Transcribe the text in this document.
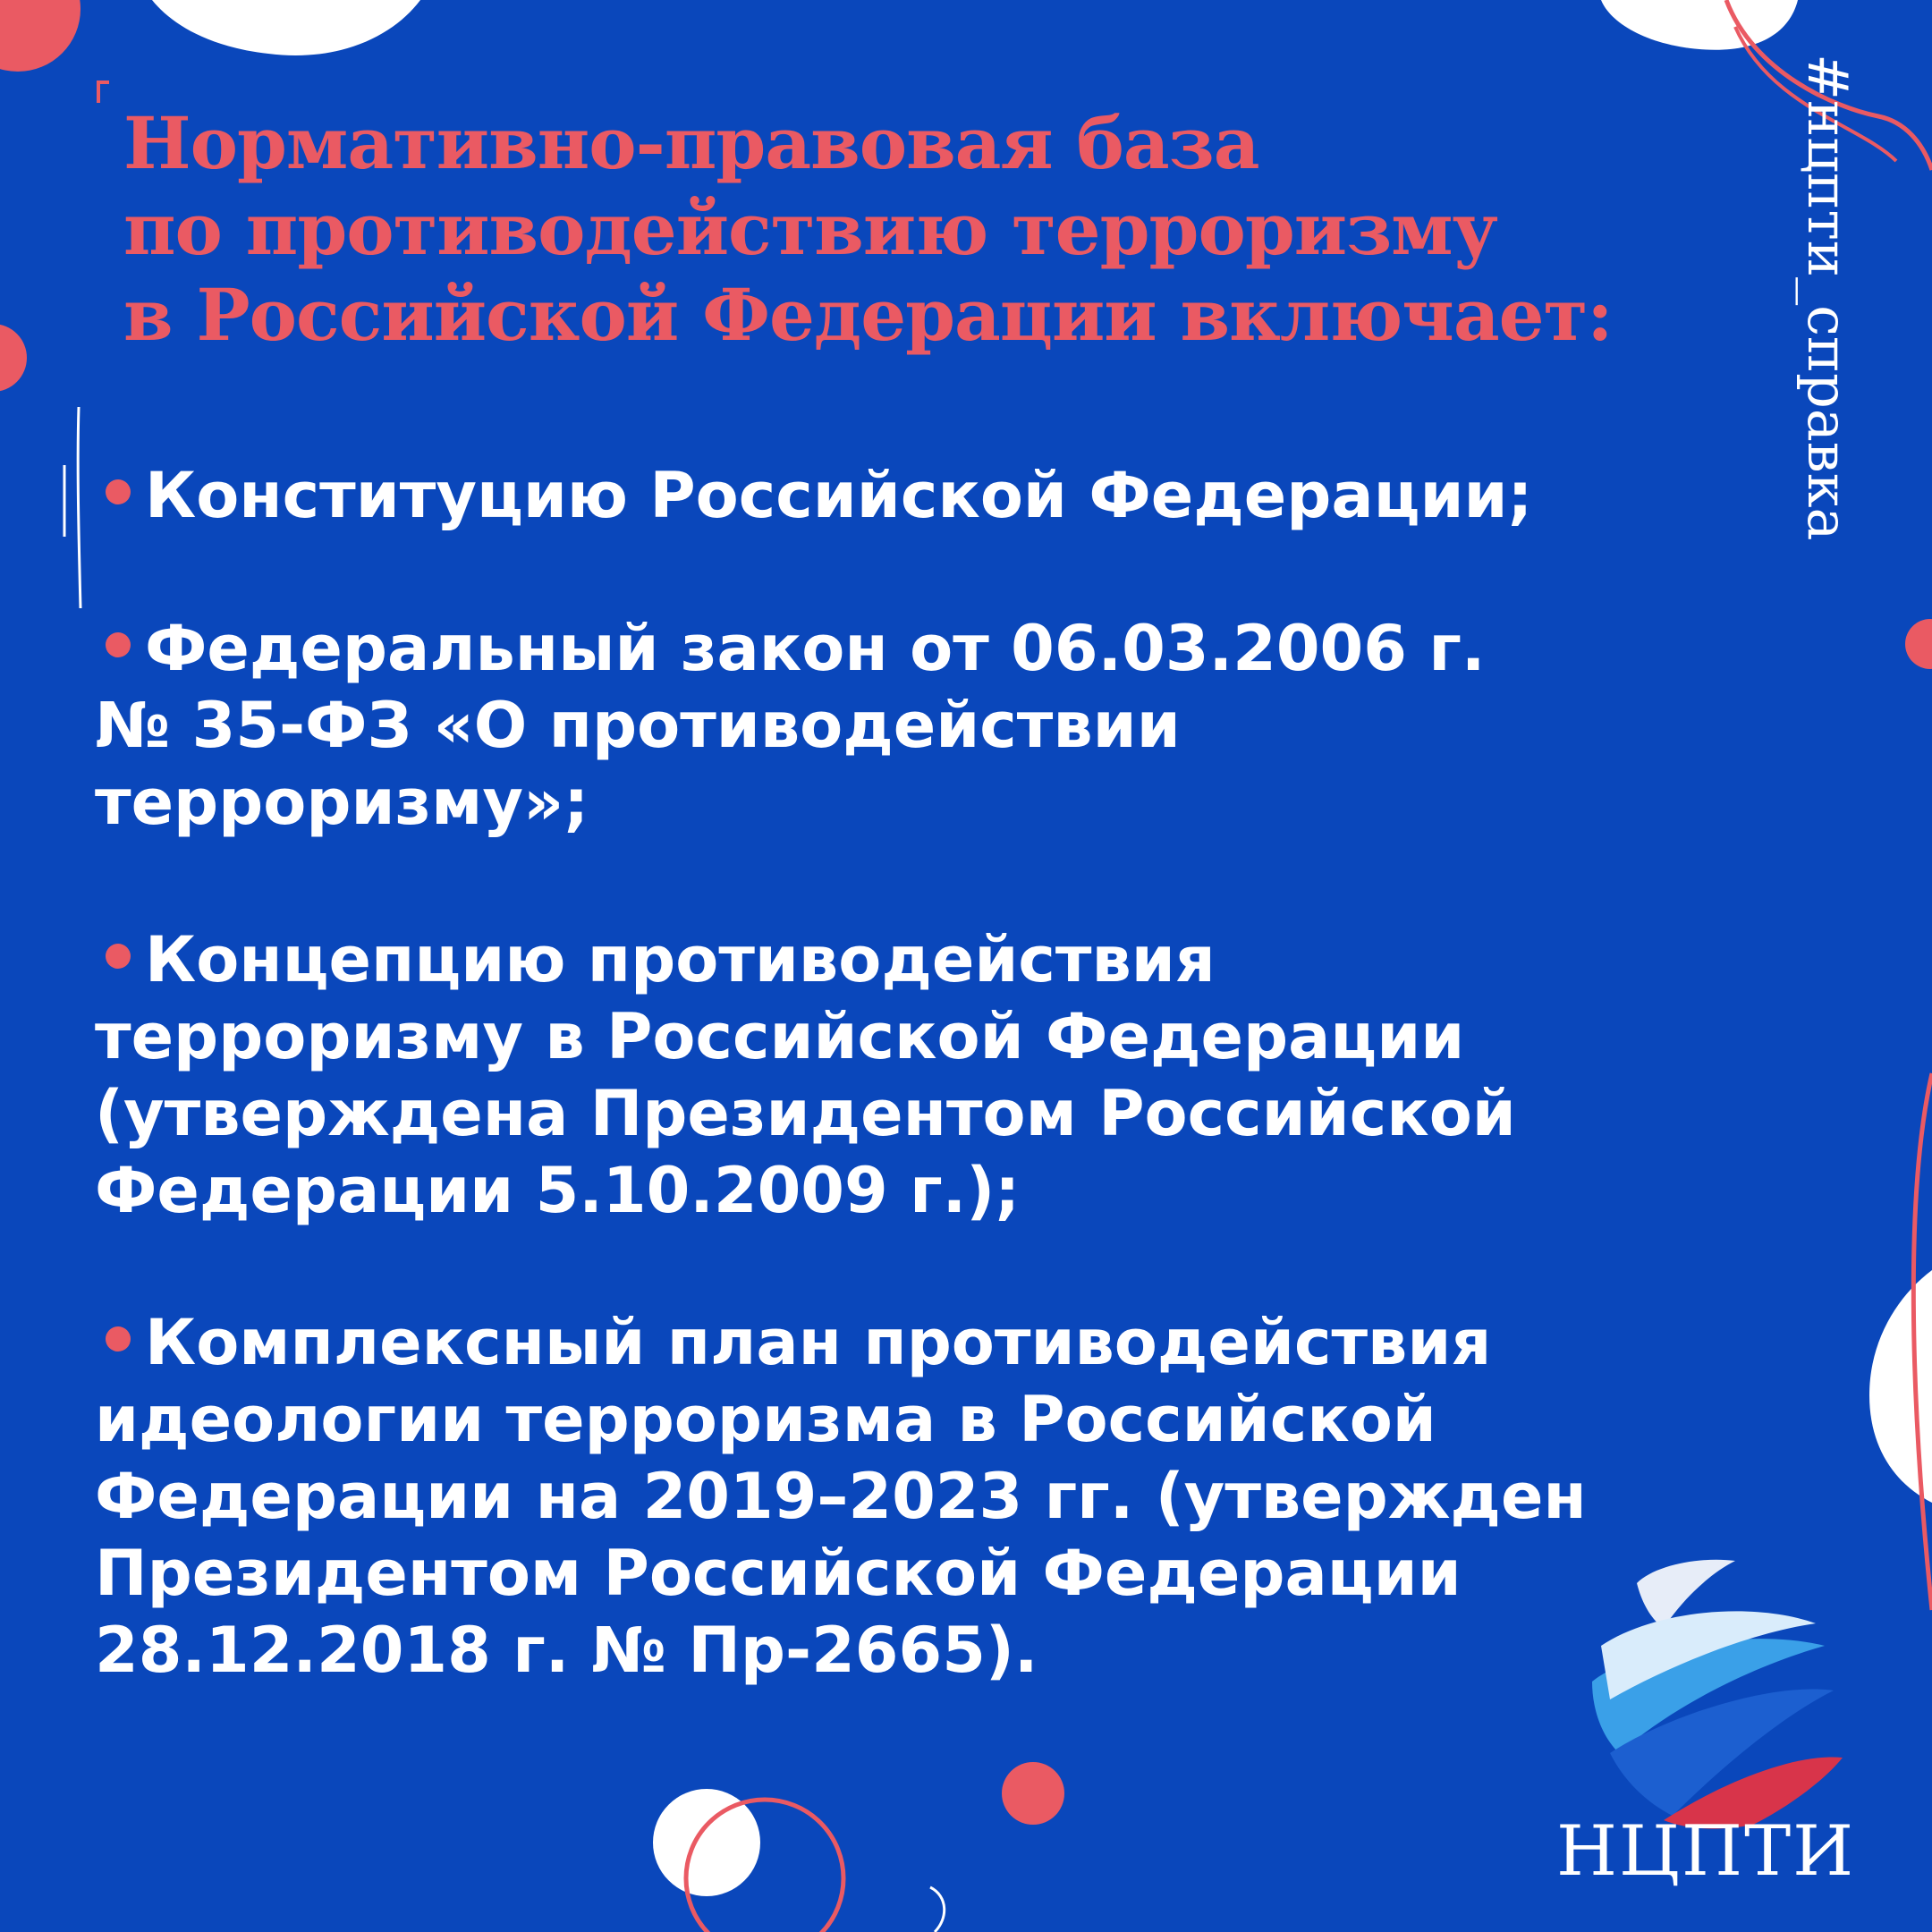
Нормативно-правовая база
по противодействию терроризму
в Российской Федерации включает:	#нцпти_справка
Конституцию Российской Федерации;
Федеральный закон от 06.03.2006 г.
№ 35-ФЗ «О противодействии
терроризму»;
Концепцию противодействия
терроризму в Российской Федерации
(утверждена Президентом Российской
Федерации 5.10.2009 г.);
Комплексный план противодействия
идеологии терроризма в Российской
Федерации на 2019–2023 гг. (утвержден
Президентом Российской Федерации
28.12.2018 г. № Пр-2665).
НЦПТИ
